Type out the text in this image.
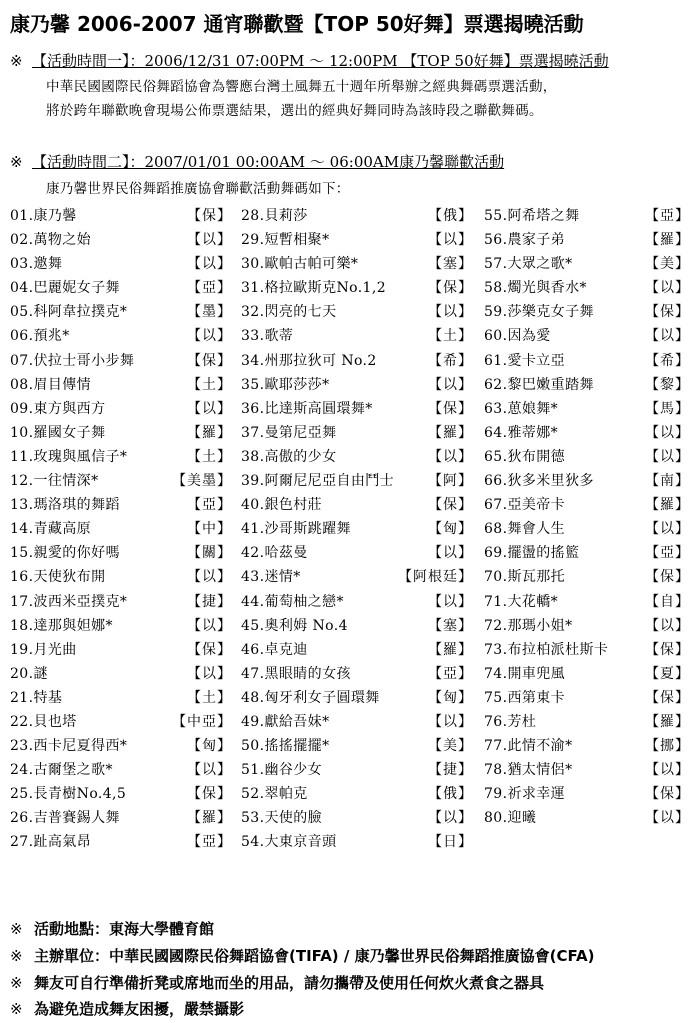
康乃馨 2006-2007 通宵聯歡暨【TOP 50好舞】票選揭曉活動
※ 【活動時間一】：2006/12/31 07:00PM ～ 12:00PM 【TOP 50好舞】票選揭曉活動
中華民國國際民俗舞蹈協會為響應台灣土風舞五十週年所舉辦之經典舞碼票選活動，
將於跨年聯歡晚會現場公佈票選結果，選出的經典好舞同時為該時段之聯歡舞碼。
※ 【活動時間二】：2007/01/01 00:00AM ～ 06:00AM康乃馨聯歡活動
康乃馨世界民俗舞蹈推廣協會聯歡活動舞碼如下：
01.康乃馨	【保】
02.萬物之始	【以】
03.邀舞	【以】
04.巴麗妮女子舞	【亞】
05.科阿韋拉撲克*	【墨】
06.預兆*	【以】
07.伏拉士哥小步舞	【保】
08.眉目傳情	【土】
09.東方與西方	【以】
10.羅國女子舞	【羅】
11.玫瑰與風信子*	【土】
12.一往情深*	【美墨】
13.瑪洛琪的舞蹈	【亞】
14.青藏高原	【中】
15.親愛的你好嗎	【關】
16.天使狄布開	【以】
17.波西米亞撲克*	【捷】
18.達那與妲娜*	【以】
19.月光曲	【保】
20.謎	【以】
21.特基	【土】
22.貝也塔	【中亞】
23.西卡尼夏得西*	【匈】
24.古爾堡之歌*	【以】
25.長青樹No.4,5	【保】
26.吉普賽錫人舞	【羅】
27.趾高氣昂	【亞】
28.貝莉莎	【俄】
29.短暫相聚*	【以】
30.歐帕古帕可樂*	【塞】
31.格拉歐斯克No.1,2	【保】
32.閃亮的七天	【以】
33.歌蒂	【土】
34.州那拉狄可 No.2	【希】
35.歐耶莎莎*	【以】
36.比達斯高圓環舞*	【保】
37.曼第尼亞舞	【羅】
38.高傲的少女	【以】
39.阿爾尼尼亞自由鬥士 【阿】
40.銀色村莊	【保】
41.沙哥斯跳躍舞	【匈】
42.哈茲曼	【以】
43.迷情*	【阿根廷】
44.葡萄柚之戀*	【以】
45.奧利姆 No.4	【塞】
46.卓克迪	【羅】
47.黑眼睛的女孩	【亞】
48.匈牙利女子圓環舞	【匈】
49.獻給吾妹*	【以】
50.搖搖擺擺*	【美】
51.幽谷少女	【捷】
52.翠帕克	【俄】
53.天使的臉	【以】
54.大東京音頭	【日】
55.阿希塔之舞	【亞】
56.農家子弟	【羅】
57.大眾之歌*	【美】
58.燭光與香水*	【以】
59.莎樂克女子舞	【保】
60.因為愛	【以】
61.愛卡立亞	【希】
62.黎巴嫩重踏舞	【黎】
63.葸娘舞*	【馬】
64.雅蒂娜*	【以】
65.狄布開德	【以】
66.狄多米里狄多	【南】
67.亞美帝卡	【羅】
68.舞會人生	【以】
69.擺盪的搖籃	【亞】
70.斯瓦那托	【保】
71.大花轎*	【自】
72.那瑪小姐*	【以】
73.布拉柏派杜斯卡	【保】
74.開車兜風	【夏】
75.西第東卡	【保】
76.芳杜	【羅】
77.此情不渝*	【挪】
78.猶太情侶*	【以】
79.祈求幸運	【保】
80.迎曦	【以】
※ 活動地點：東海大學體育館
※ 主辦單位：中華民國國際民俗舞蹈協會(TIFA) / 康乃馨世界民俗舞蹈推廣協會(CFA)
※ 舞友可自行準備折凳或席地而坐的用品，請勿攜帶及使用任何炊火煮食之器具
※ 為避免造成舞友困擾，嚴禁攝影
